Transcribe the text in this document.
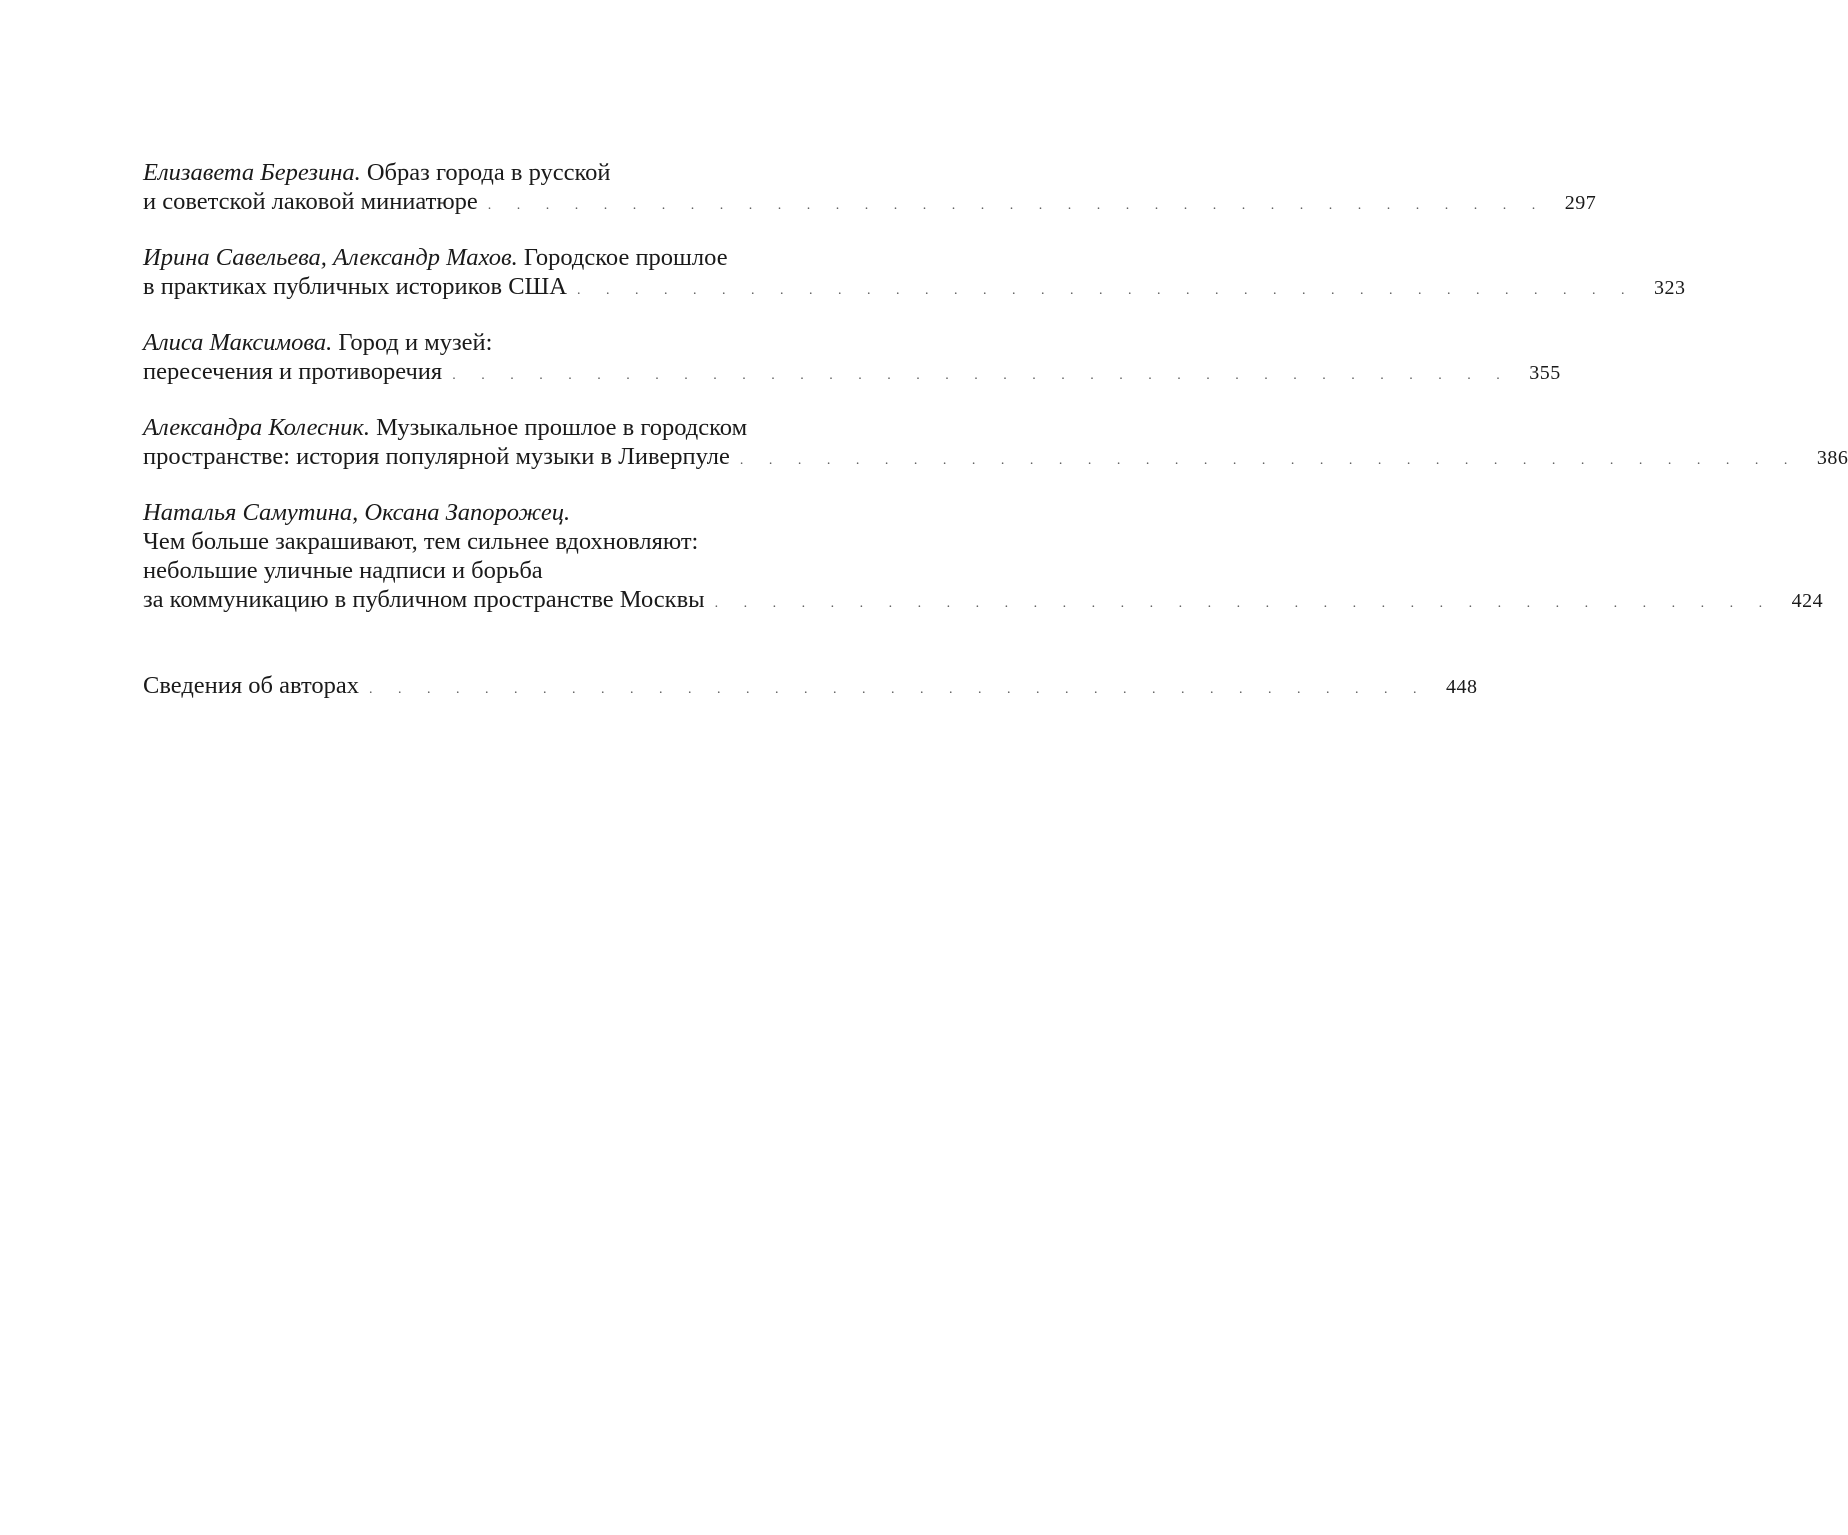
Елизавета Березина. Образ города в русской
и советской лаковой миниатюре . . . . . . . . . . . . . . . . . . . . . . . . . . . . . . . . . . . . . 297
Ирина Савельева, Александр Махов. Городское прошлое
в практиках публичных историков США . . . . . . . . . . . . . . . . . . . . . . . . . . . . . . . . . . . . . 323
Алиса Максимова. Город и музей:
пересечения и противоречия . . . . . . . . . . . . . . . . . . . . . . . . . . . . . . . . . . . . . 355
Александра Колесник. Музыкальное прошлое в городском
пространстве: история популярной музыки в Ливерпуле . . . . . . . . . . . . . . . . . . . . . . . . . . . . . . . . . . . . . 386
Наталья Самутина, Оксана Запорожец.
Чем больше закрашивают, тем сильнее вдохновляют:
небольшие уличные надписи и борьба
за коммуникацию в публичном пространстве Москвы . . . . . . . . . . . . . . . . . . . . . . . . . . . . . . . . . . . . . 424
Сведения об авторах . . . . . . . . . . . . . . . . . . . . . . . . . . . . . . . . . . . . . 448
